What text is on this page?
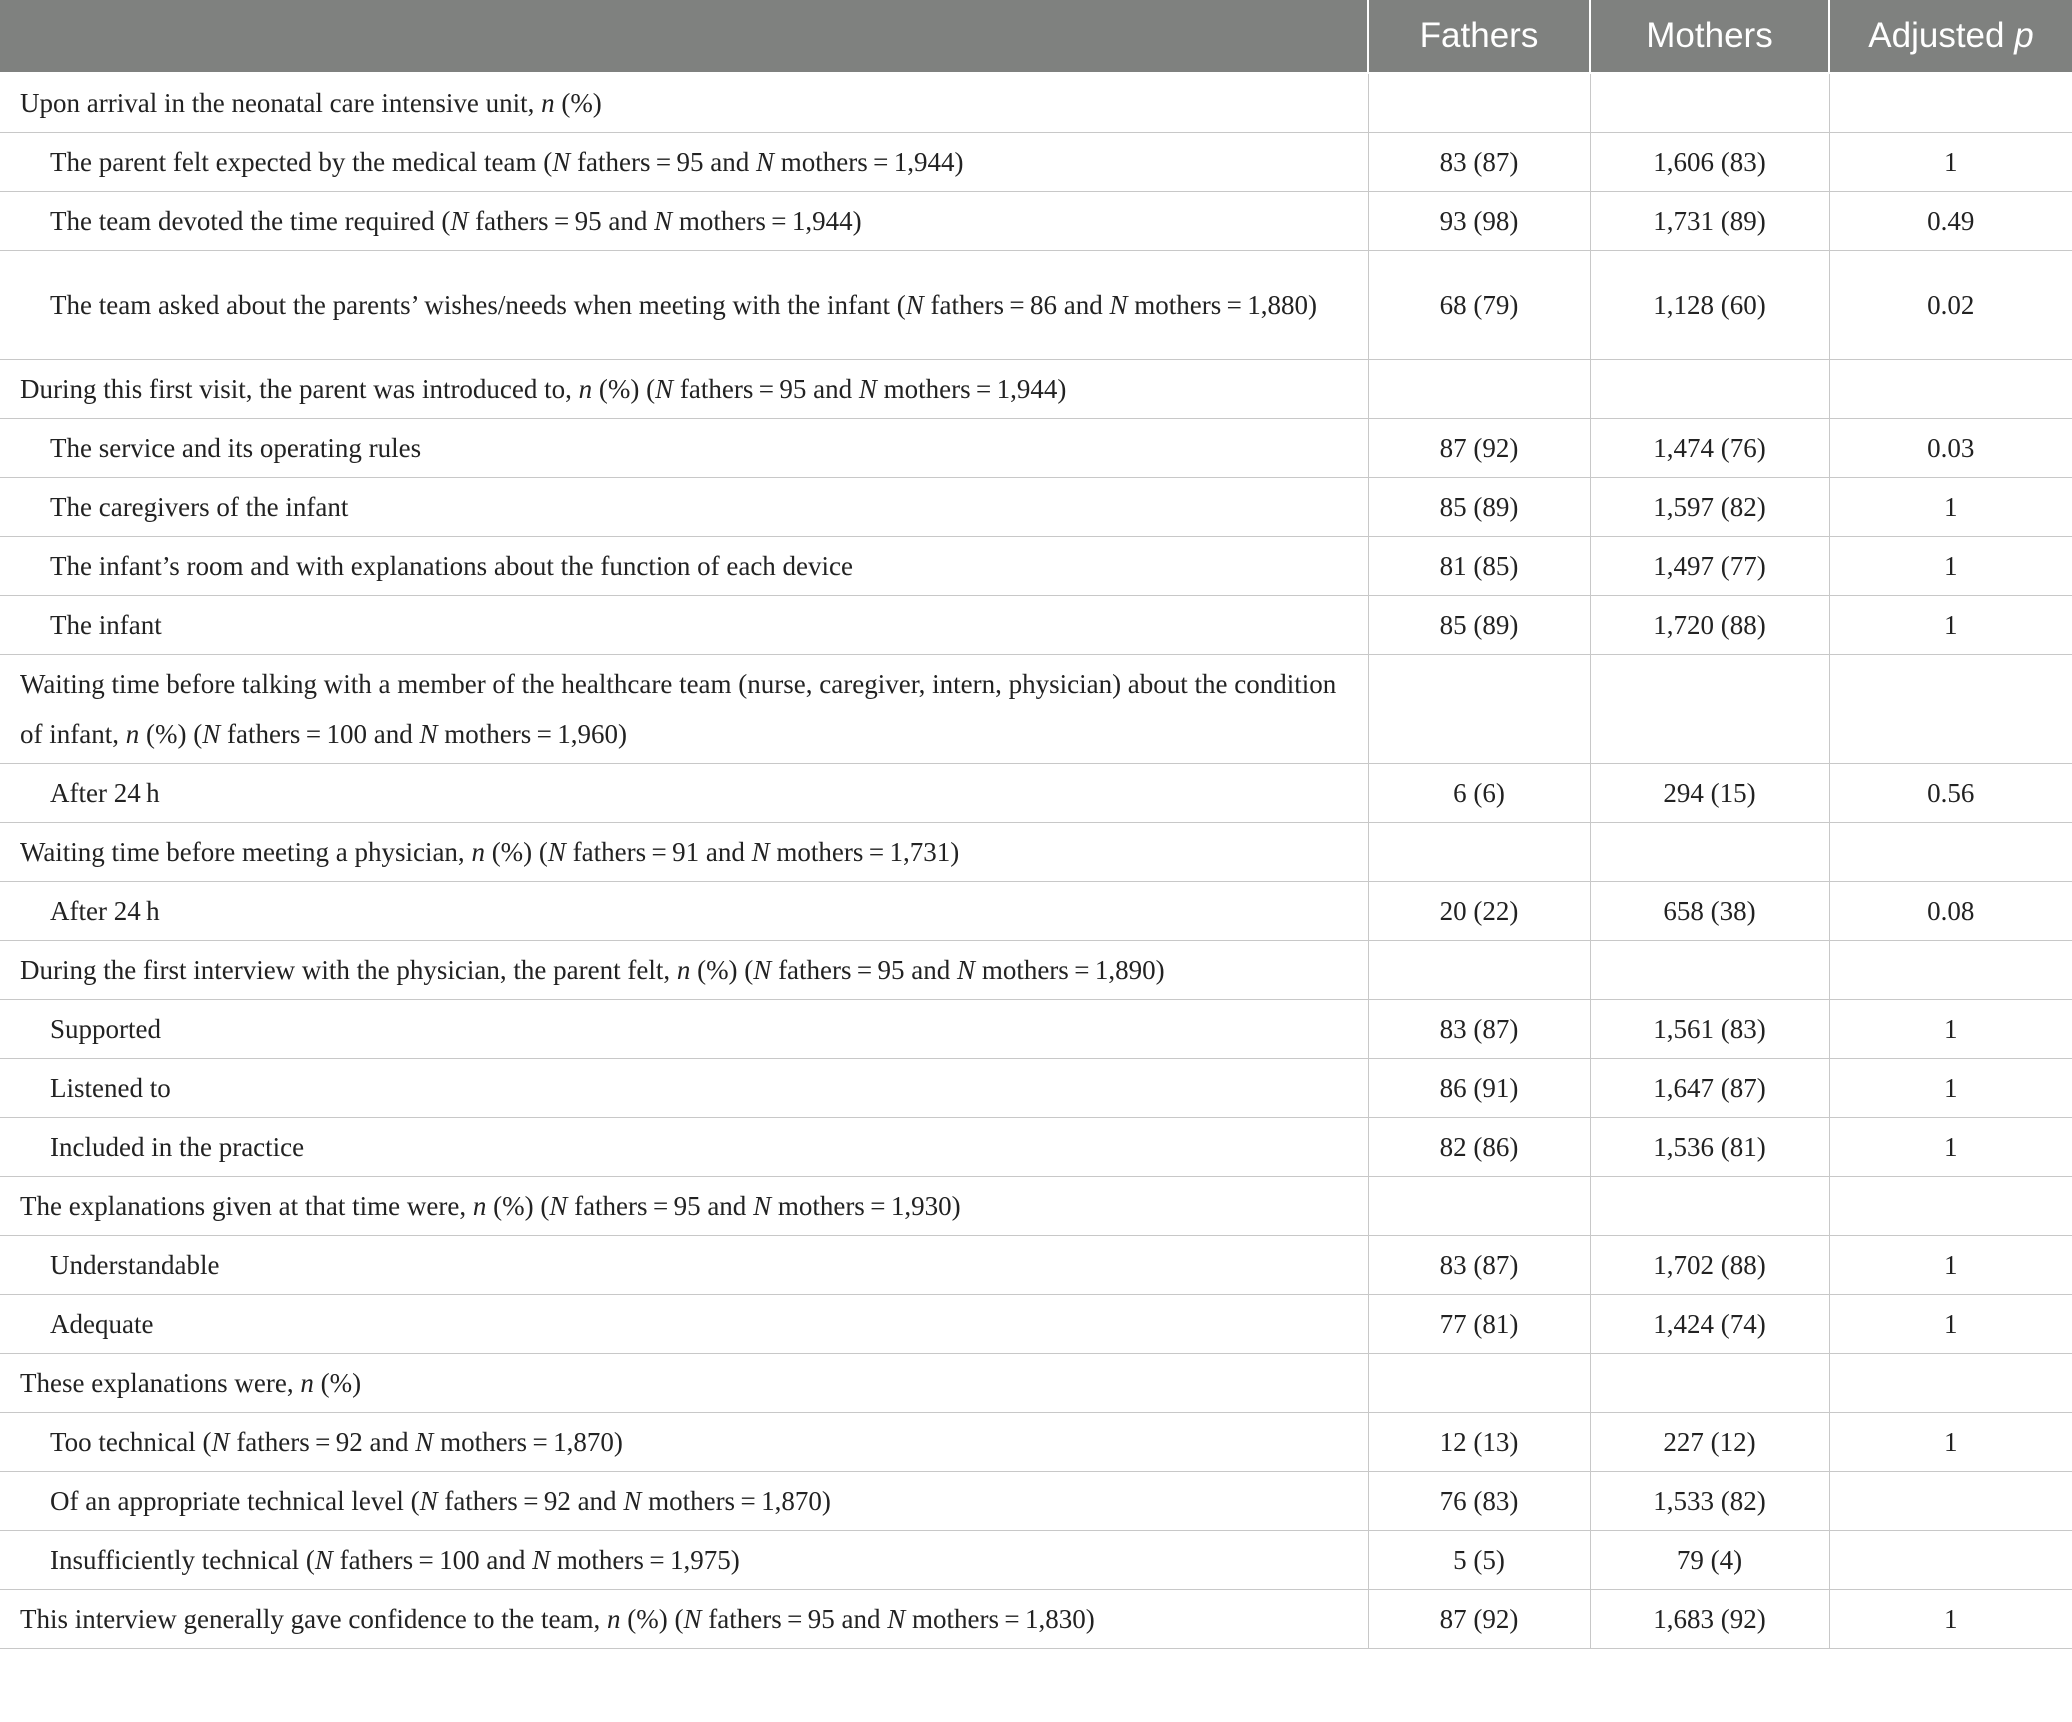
	Fathers	Mothers	Adjusted p
Upon arrival in the neonatal care intensive unit, n (%)			
The parent felt expected by the medical team (N fathers = 95 and N mothers = 1,944)	83 (87)	1,606 (83)	1
The team devoted the time required (N fathers = 95 and N mothers = 1,944)	93 (98)	1,731 (89)	0.49
The team asked about the parents’ wishes/needs when meeting with the infant (N fathers = 86 and N mothers = 1,880)	68 (79)	1,128 (60)	0.02
During this first visit, the parent was introduced to, n (%) (N fathers = 95 and N mothers = 1,944)			
The service and its operating rules	87 (92)	1,474 (76)	0.03
The caregivers of the infant	85 (89)	1,597 (82)	1
The infant’s room and with explanations about the function of each device	81 (85)	1,497 (77)	1
The infant	85 (89)	1,720 (88)	1
Waiting time before talking with a member of the healthcare team (nurse, caregiver, intern, physician) about the condition of infant, n (%) (N fathers = 100 and N mothers = 1,960)			
After 24 h	6 (6)	294 (15)	0.56
Waiting time before meeting a physician, n (%) (N fathers = 91 and N mothers = 1,731)			
After 24 h	20 (22)	658 (38)	0.08
During the first interview with the physician, the parent felt, n (%) (N fathers = 95 and N mothers = 1,890)			
Supported	83 (87)	1,561 (83)	1
Listened to	86 (91)	1,647 (87)	1
Included in the practice	82 (86)	1,536 (81)	1
The explanations given at that time were, n (%) (N fathers = 95 and N mothers = 1,930)			
Understandable	83 (87)	1,702 (88)	1
Adequate	77 (81)	1,424 (74)	1
These explanations were, n (%)			
Too technical (N fathers = 92 and N mothers = 1,870)	12 (13)	227 (12)	1
Of an appropriate technical level (N fathers = 92 and N mothers = 1,870)	76 (83)	1,533 (82)	
Insufficiently technical (N fathers = 100 and N mothers = 1,975)	5 (5)	79 (4)	
This interview generally gave confidence to the team, n (%) (N fathers = 95 and N mothers = 1,830)	87 (92)	1,683 (92)	1
